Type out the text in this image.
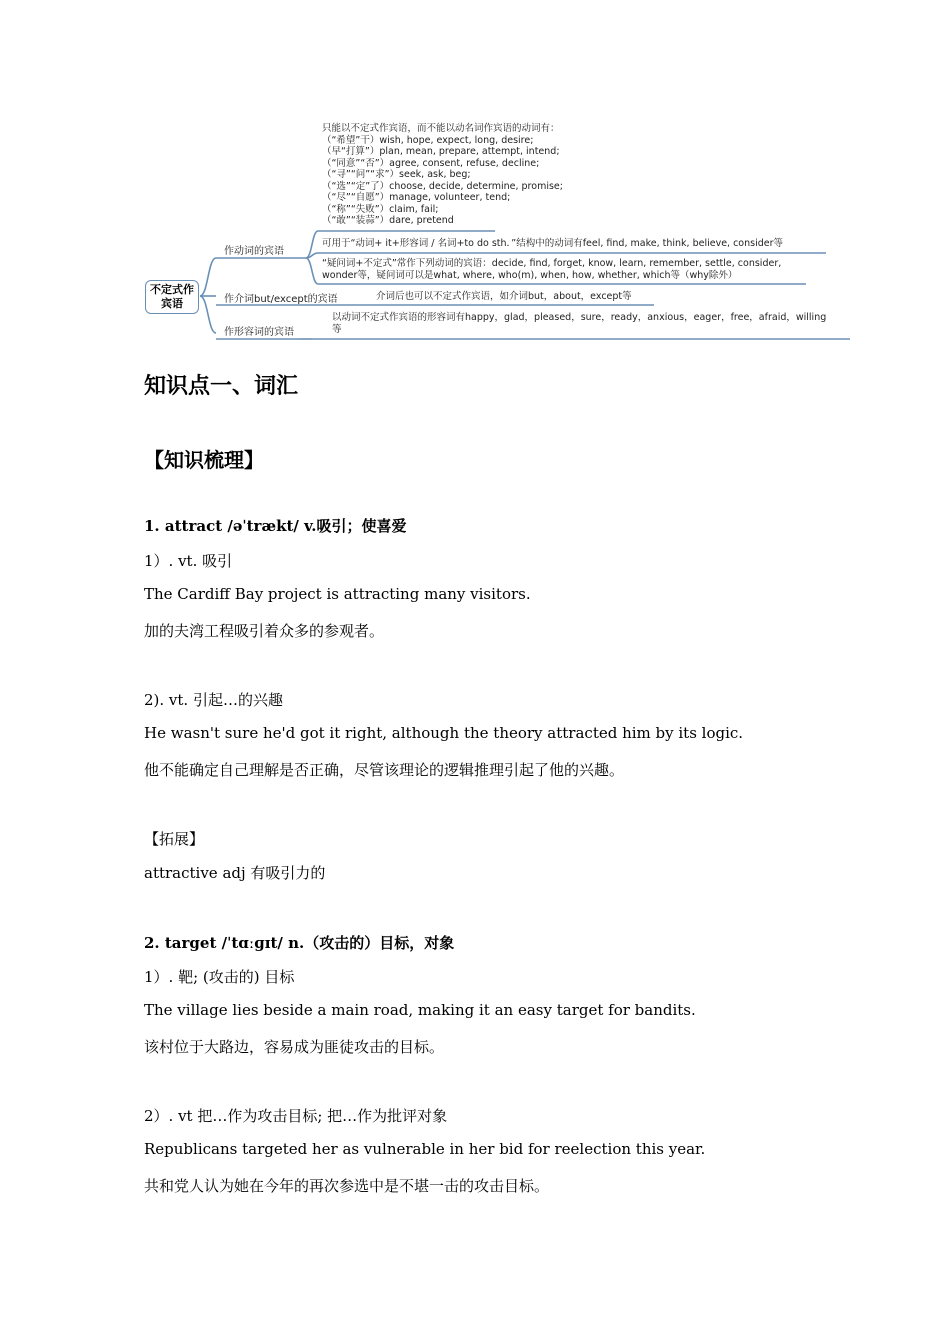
不定式作宾语
作动词的宾语
作介词but/except的宾语
作形容词的宾语
只能以不定式作宾语，而不能以动名词作宾语的动词有：
（“希望”干）wish, hope, expect, long, desire;
（早“打算”）plan, mean, prepare, attempt, intend;
（“同意”“否”）agree, consent, refuse, decline;
（“寻”“问”“求”）seek, ask, beg;
（“选”“定”了）choose, decide, determine, promise;
（“尽”“自愿”）manage, volunteer, tend;
（“称”“失败”）claim, fail;
（“敢”“装蒜”）dare, pretend
可用于“动词+ it+形容词 / 名词+to do sth．”结构中的动词有feel, find, make, think, believe, consider等
“疑问词+不定式”常作下列动词的宾语：decide, find, forget, know, learn, remember, settle, consider,
wonder等，疑问词可以是what, where, who(m), when, how, whether, which等（why除外）
介词后也可以不定式作宾语，如介词but，about，except等
以动词不定式作宾语的形容词有happy，glad，pleased，sure，ready，anxious，eager，free，afraid，willing
等
知识点一、词汇
【知识梳理】
1. attract /əˈtrækt/ v.吸引；使喜爱
1）. vt. 吸引
The Cardiff Bay project is attracting many visitors.
加的夫湾工程吸引着众多的参观者。
2). vt. 引起…的兴趣
He wasn't sure he'd got it right, although the theory attracted him by its logic.
他不能确定自己理解是否正确，尽管该理论的逻辑推理引起了他的兴趣。
【拓展】
attractive adj 有吸引力的
2. target /ˈtɑːɡɪt/ n.（攻击的）目标，对象
1）. 靶; (攻击的) 目标
The village lies beside a main road, making it an easy target for bandits.
该村位于大路边，容易成为匪徒攻击的目标。
2）. vt 把…作为攻击目标; 把…作为批评对象
Republicans targeted her as vulnerable in her bid for reelection this year.
共和党人认为她在今年的再次参选中是不堪一击的攻击目标。
